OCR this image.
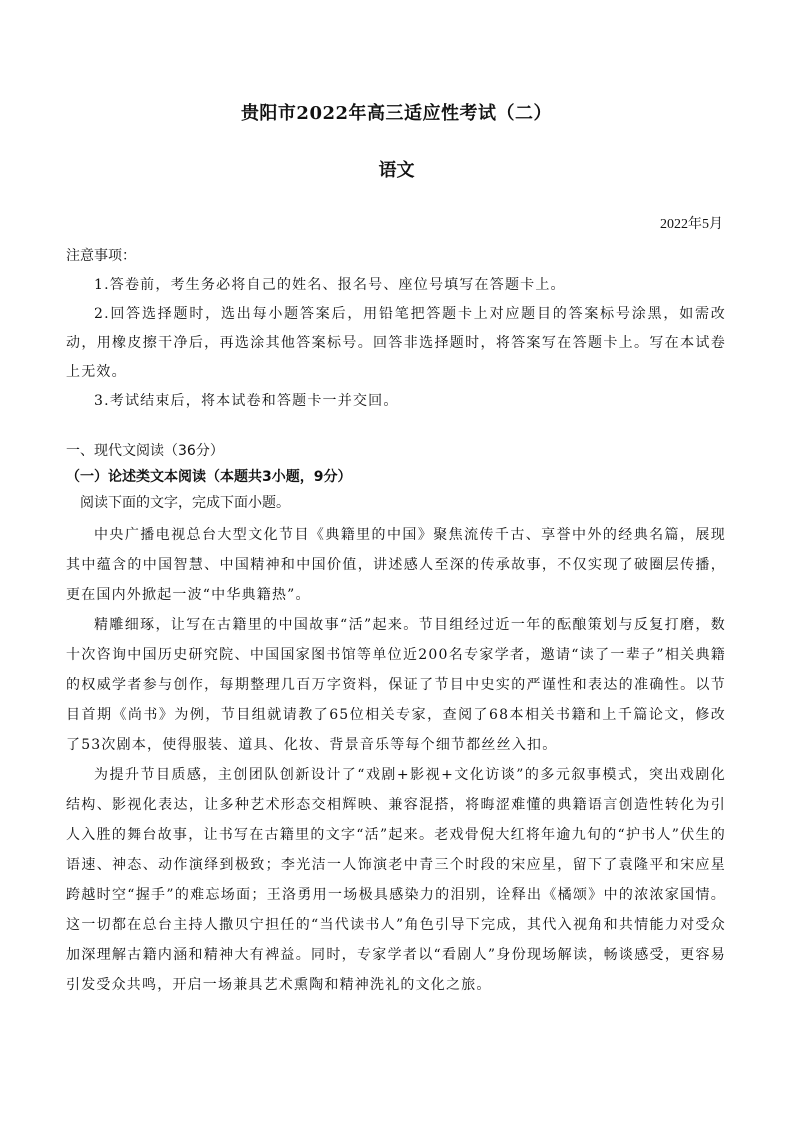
贵阳市2022年高三适应性考试（二）
语文
2022年5月
注意事项：

1.答卷前，考生务必将自己的姓名、报名号、座位号填写在答题卡上。

2.回答选择题时，选出每小题答案后，用铅笔把答题卡上对应题目的答案标号涂黑，如需改动，用橡皮擦干净后，再选涂其他答案标号。回答非选择题时，将答案写在答题卡上。写在本试卷上无效。

3.考试结束后，将本试卷和答题卡一并交回。

一、现代文阅读（36分）
（一）论述类文本阅读（本题共3小题，9分）
阅读下面的文字，完成下面小题。

中央广播电视总台大型文化节目《典籍里的中国》聚焦流传千古、享誉中外的经典名篇，展现其中蕴含的中国智慧、中国精神和中国价值，讲述感人至深的传承故事，不仅实现了破圈层传播，更在国内外掀起一波“中华典籍热”。

精雕细琢，让写在古籍里的中国故事“活”起来。节目组经过近一年的酝酿策划与反复打磨，数十次咨询中国历史研究院、中国国家图书馆等单位近200名专家学者，邀请“读了一辈子”相关典籍的权威学者参与创作，每期整理几百万字资料，保证了节目中史实的严谨性和表达的准确性。以节目首期《尚书》为例，节目组就请教了65位相关专家，查阅了68本相关书籍和上千篇论文，修改了53次剧本，使得服装、道具、化妆、背景音乐等每个细节都丝丝入扣。

为提升节目质感，主创团队创新设计了“戏剧+影视+文化访谈”的多元叙事模式，突出戏剧化结构、影视化表达，让多种艺术形态交相辉映、兼容混搭，将晦涩难懂的典籍语言创造性转化为引人入胜的舞台故事，让书写在古籍里的文字“活”起来。老戏骨倪大红将年逾九旬的“护书人”伏生的语速、神态、动作演绎到极致；李光洁一人饰演老中青三个时段的宋应星，留下了袁隆平和宋应星跨越时空“握手”的难忘场面；王洛勇用一场极具感染力的泪别，诠释出《橘颂》中的浓浓家国情。这一切都在总台主持人撒贝宁担任的“当代读书人”角色引导下完成，其代入视角和共情能力对受众加深理解古籍内涵和精神大有裨益。同时，专家学者以“看剧人”身份现场解读，畅谈感受，更容易引发受众共鸣，开启一场兼具艺术熏陶和精神洗礼的文化之旅。
